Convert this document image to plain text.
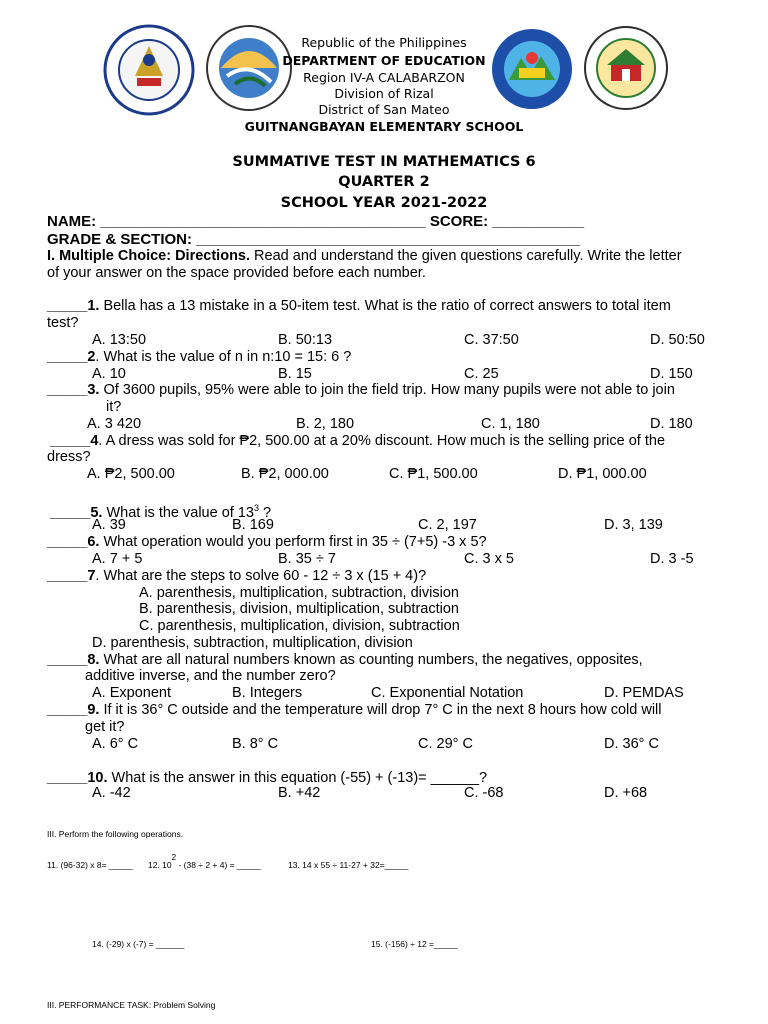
Republic of the Philippines
DEPARTMENT OF EDUCATION
Region IV-A CALABARZON
Division of Rizal
District of San Mateo
GUITNANGBAYAN ELEMENTARY SCHOOL
SUMMATIVE TEST IN MATHEMATICS 6
QUARTER 2
SCHOOL YEAR 2021-2022
NAME: _______________________________________ SCORE: ___________
GRADE & SECTION: ______________________________________________
I. Multiple Choice: Directions. Read and understand the given questions carefully. Write the letter
of your answer on the space provided before each number.
_____1. Bella has a 13 mistake in a 50-item test. What is the ratio of correct answers to total item
test?
A. 13:50	B. 50:13	C. 37:50	D. 50:50
_____2. What is the value of n in n:10 = 15: 6 ?
A. 10	B. 15	C. 25	D. 150
_____3. Of 3600 pupils, 95% were able to join the field trip. How many pupils were not able to join
it?
A. 3 420	B. 2, 180	C. 1, 180	D. 180
_____4. A dress was sold for ₱2, 500.00 at a 20% discount. How much is the selling price of the
dress?
A. ₱2, 500.00	B. ₱2, 000.00	C. ₱1, 500.00	D. ₱1, 000.00
_____5. What is the value of $13^3$ ?
A. 39	B. 169	C. 2, 197	D. 3, 139
_____6. What operation would you perform first in 35 ÷ (7+5) -3 x 5?
A. 7 + 5	B. 35 ÷ 7	C. 3 x 5	D. 3 -5
_____7. What are the steps to solve 60 - 12 ÷ 3 x (15 + 4)?
A. parenthesis, multiplication, subtraction, division
B. parenthesis, division, multiplication, subtraction
C. parenthesis, multiplication, division, subtraction
D. parenthesis, subtraction, multiplication, division
_____8. What are all natural numbers known as counting numbers, the negatives, opposites,
additive inverse, and the number zero?
A. Exponent	B. Integers	C. Exponential Notation	D. PEMDAS
_____9. If it is 36° C outside and the temperature will drop 7° C in the next 8 hours how cold will
get it?
A. 6° C	B. 8° C	C. 29° C	D. 36° C
_____10. What is the answer in this equation (-55) + (-13)= ______?
A. -42	B. +42	C. -68	D. +68
III. Perform the following operations.
11. (96-32) x 8= _____ 12. 102 - (38 ÷ 2 + 4) = _____	13. 14 x 55 ÷ 11-27 + 32=_____
14. (-29) x (-7) = ______	15. (-156) ÷ 12 =_____
III. PERFORMANCE TASK: Problem Solving
